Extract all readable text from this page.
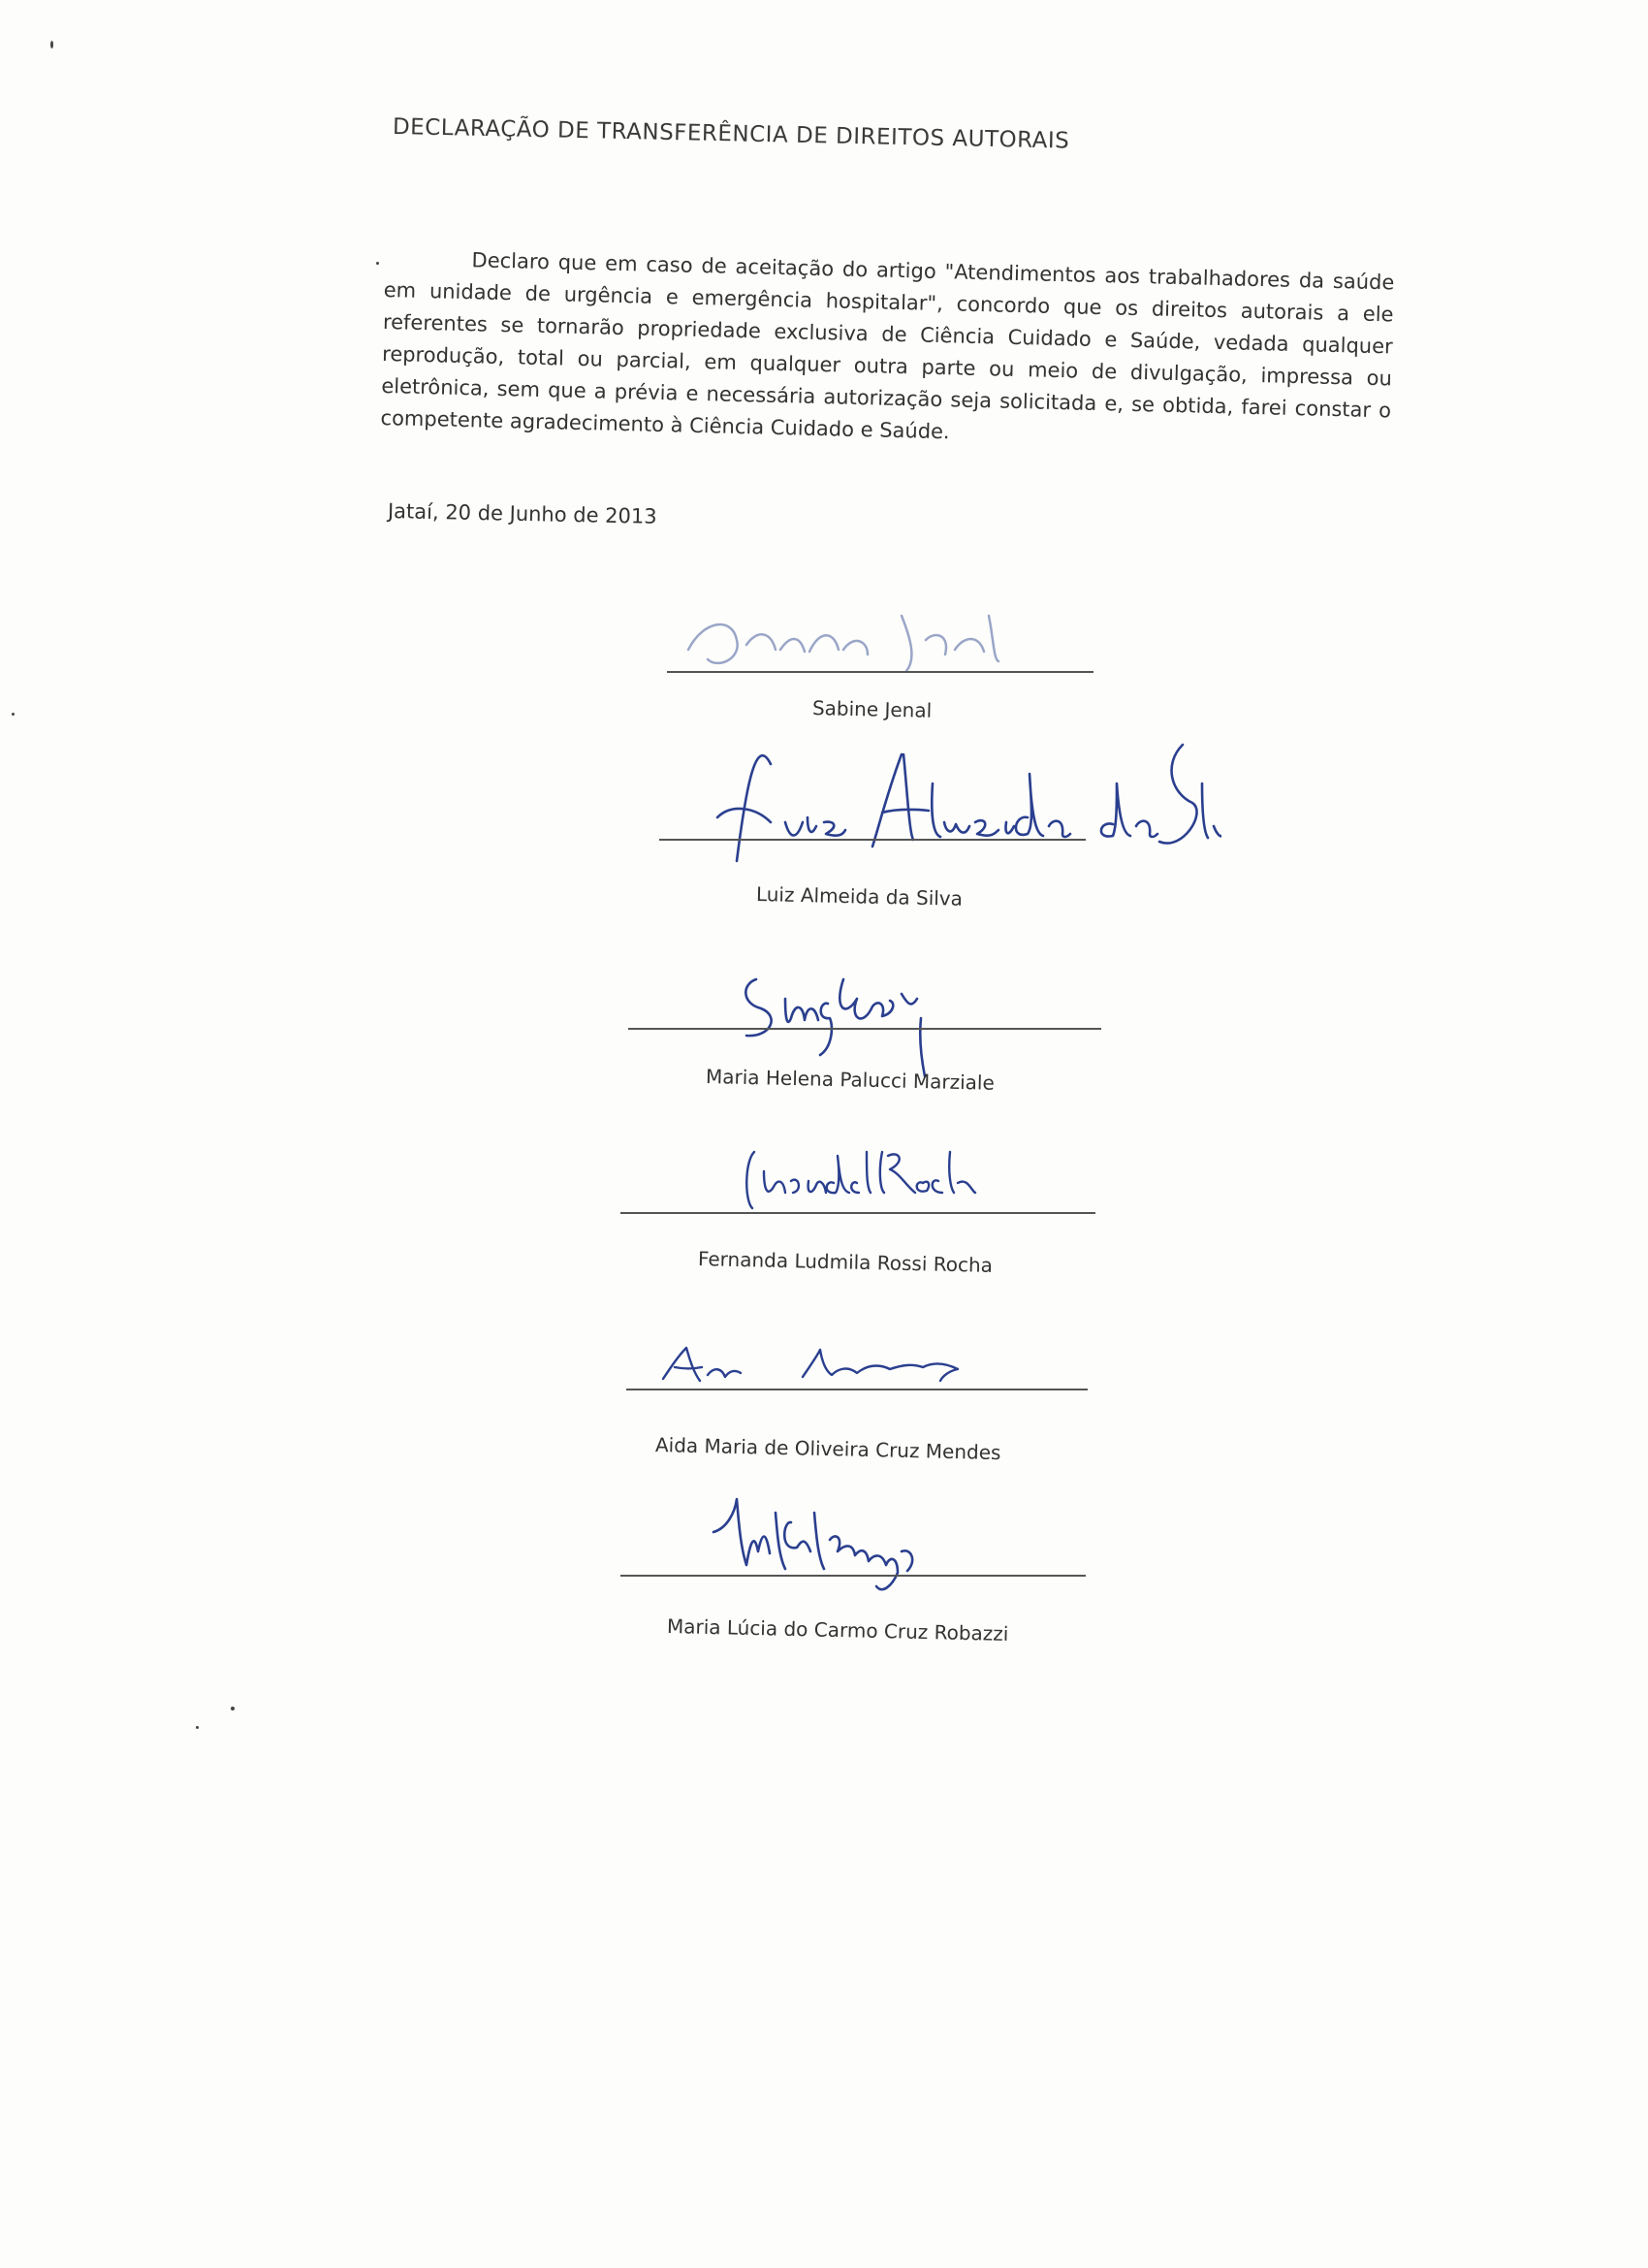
DECLARAÇÃO DE TRANSFERÊNCIA DE DIREITOS AUTORAIS

Declaro que em caso de aceitação do artigo "Atendimentos aos trabalhadores da saúde em unidade de urgência e emergência hospitalar", concordo que os direitos autorais a ele referentes se tornarão propriedade exclusiva de Ciência Cuidado e Saúde, vedada qualquer reprodução, total ou parcial, em qualquer outra parte ou meio de divulgação, impressa ou eletrônica, sem que a prévia e necessária autorização seja solicitada e, se obtida, farei constar o competente agradecimento à Ciência Cuidado e Saúde.

Jataí, 20 de Junho de 2013
Sabine Jenal
Luiz Almeida da Silva
Maria Helena Palucci Marziale
Fernanda Ludmila Rossi Rocha
Aida Maria de Oliveira Cruz Mendes
Maria Lúcia do Carmo Cruz Robazzi
